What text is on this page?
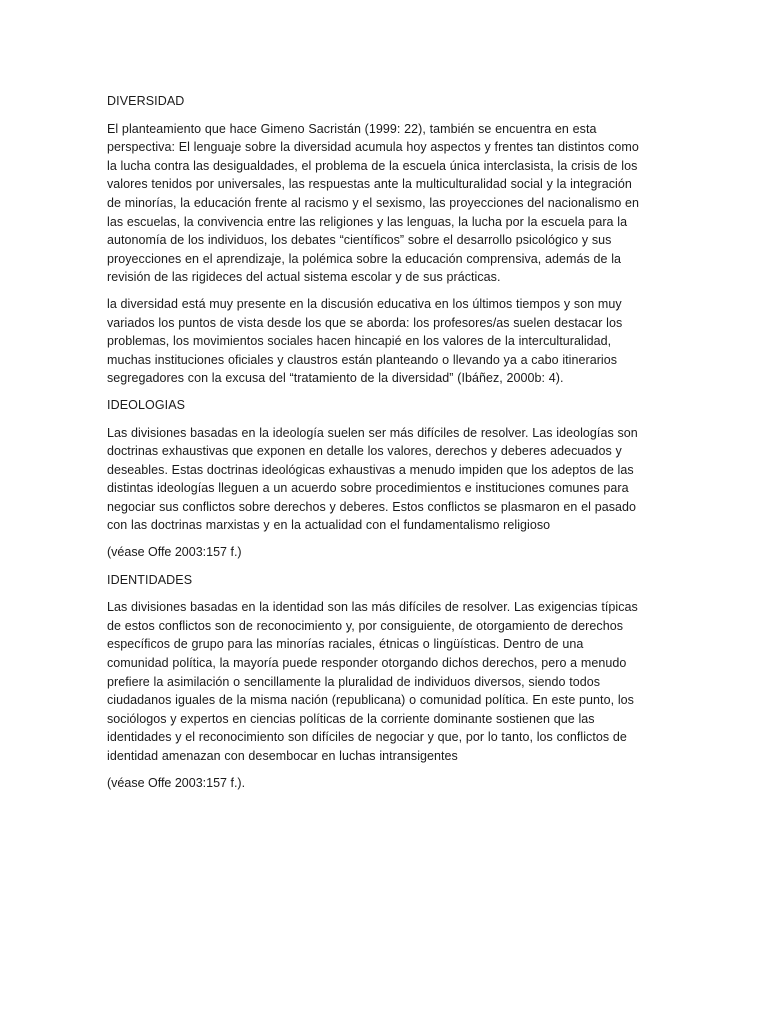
DIVERSIDAD

El planteamiento que hace Gimeno Sacristán (1999: 22), también se encuentra en esta perspectiva: El lenguaje sobre la diversidad acumula hoy aspectos y frentes tan distintos como la lucha contra las desigualdades, el problema de la escuela única interclasista, la crisis de los valores tenidos por universales, las respuestas ante la multiculturalidad social y la integración de minorías, la educación frente al racismo y el sexismo, las proyecciones del nacionalismo en las escuelas, la convivencia entre las religiones y las lenguas, la lucha por la escuela para la autonomía de los individuos, los debates “científicos” sobre el desarrollo psicológico y sus proyecciones en el aprendizaje, la polémica sobre la educación comprensiva, además de la revisión de las rigideces del actual sistema escolar y de sus prácticas.

la diversidad está muy presente en la discusión educativa en los últimos tiempos y son muy variados los puntos de vista desde los que se aborda: los profesores/as suelen destacar los problemas, los movimientos sociales hacen hincapié en los valores de la interculturalidad, muchas instituciones oficiales y claustros están planteando o llevando ya a cabo itinerarios segregadores con la excusa del “tratamiento de la diversidad” (Ibáñez, 2000b: 4).

IDEOLOGIAS

Las divisiones basadas en la ideología suelen ser más difíciles de resolver. Las ideologías son doctrinas exhaustivas que exponen en detalle los valores, derechos y deberes adecuados y deseables. Estas doctrinas ideológicas exhaustivas a menudo impiden que los adeptos de las distintas ideologías lleguen a un acuerdo sobre procedimientos e instituciones comunes para negociar sus conflictos sobre derechos y deberes. Estos conflictos se plasmaron en el pasado con las doctrinas marxistas y en la actualidad con el fundamentalismo religioso

(véase Offe 2003:157 f.)

IDENTIDADES

Las divisiones basadas en la identidad son las más difíciles de resolver. Las exigencias típicas de estos conflictos son de reconocimiento y, por consiguiente, de otorgamiento de derechos específicos de grupo para las minorías raciales, étnicas o lingüísticas. Dentro de una comunidad política, la mayoría puede responder otorgando dichos derechos, pero a menudo prefiere la asimilación o sencillamente la pluralidad de individuos diversos, siendo todos ciudadanos iguales de la misma nación (republicana) o comunidad política. En este punto, los sociólogos y expertos en ciencias políticas de la corriente dominante sostienen que las identidades y el reconocimiento son difíciles de negociar y que, por lo tanto, los conflictos de identidad amenazan con desembocar en luchas intransigentes

(véase Offe 2003:157 f.).
